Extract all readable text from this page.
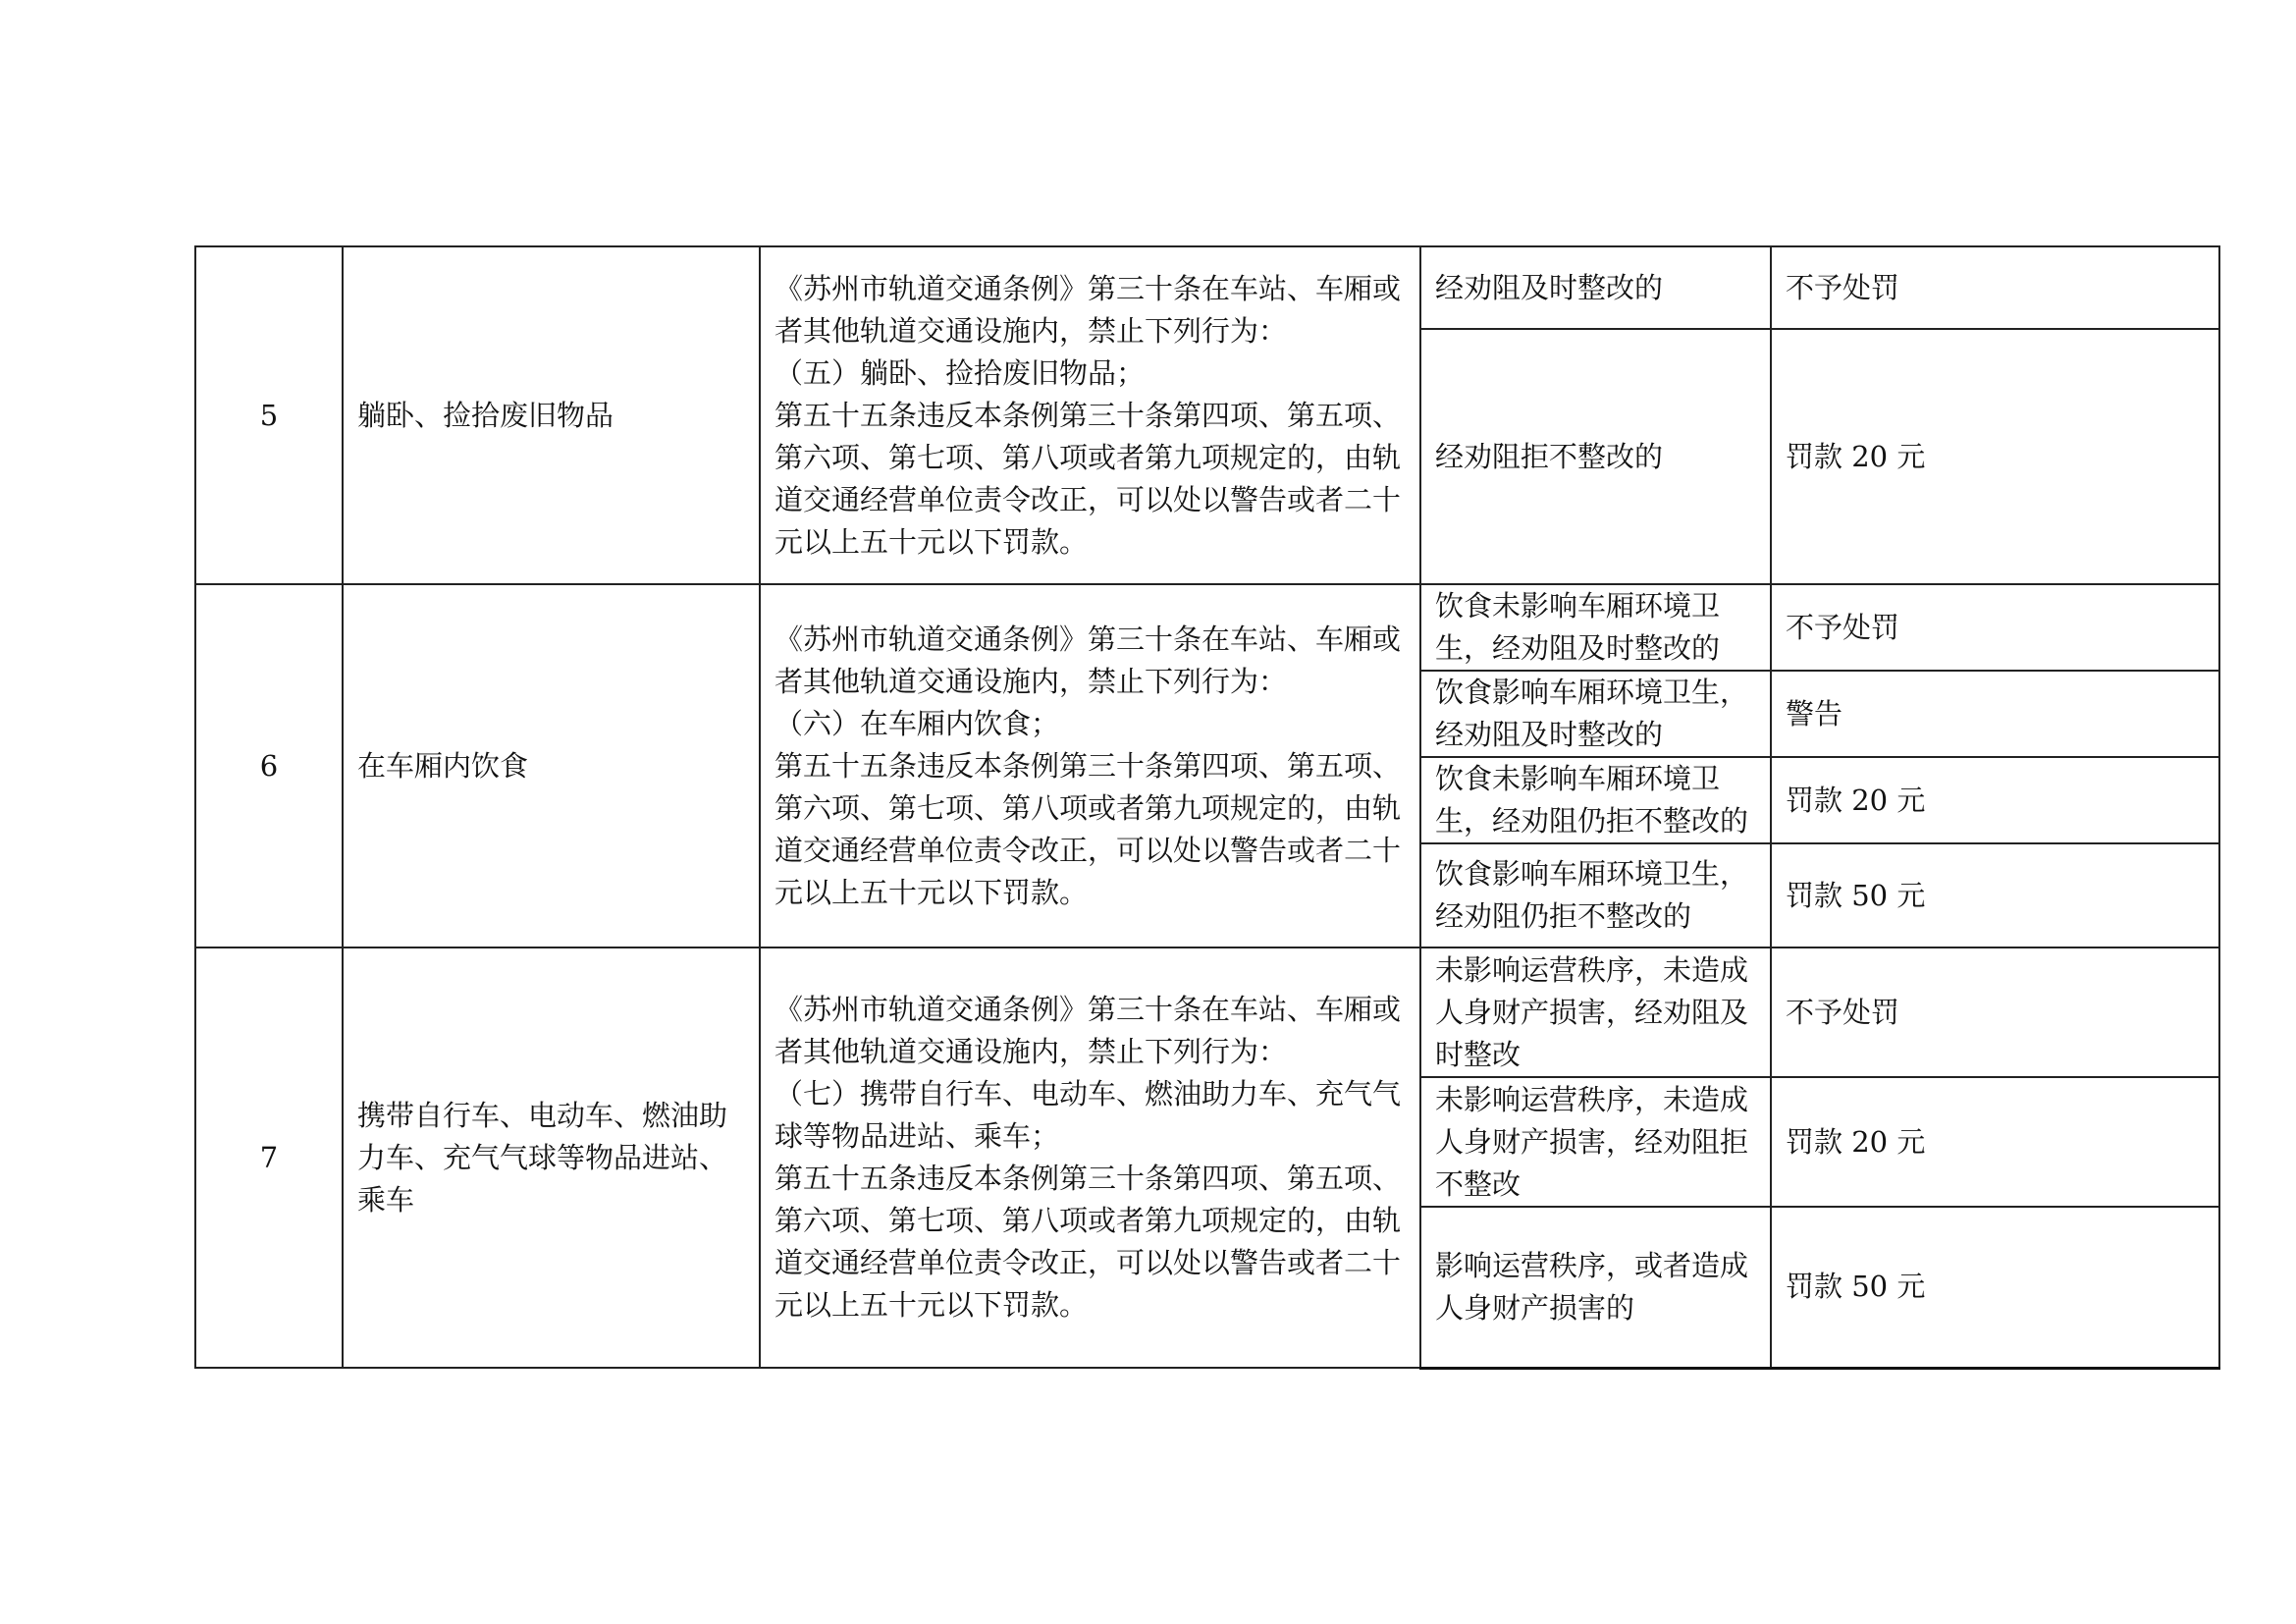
5	躺卧、捡拾废旧物品	《苏州市轨道交通条例》第三十条在车站、车厢或者其他轨道交通设施内，禁止下列行为：
（五）躺卧、捡拾废旧物品；
第五十五条违反本条例第三十条第四项、第五项、第六项、第七项、第八项或者第九项规定的，由轨道交通经营单位责令改正，可以处以警告或者二十元以上五十元以下罚款。	经劝阻及时整改的	不予处罚
			经劝阻拒不整改的	罚款 20 元
6	在车厢内饮食	《苏州市轨道交通条例》第三十条在车站、车厢或者其他轨道交通设施内，禁止下列行为：
（六）在车厢内饮食；
第五十五条违反本条例第三十条第四项、第五项、第六项、第七项、第八项或者第九项规定的，由轨道交通经营单位责令改正，可以处以警告或者二十元以上五十元以下罚款。	饮食未影响车厢环境卫生，经劝阻及时整改的	不予处罚
			饮食影响车厢环境卫生，经劝阻及时整改的	警告
			饮食未影响车厢环境卫生，经劝阻仍拒不整改的	罚款 20 元
			饮食影响车厢环境卫生，经劝阻仍拒不整改的	罚款 50 元
7	携带自行车、电动车、燃油助力车、充气气球等物品进站、乘车	《苏州市轨道交通条例》第三十条在车站、车厢或者其他轨道交通设施内，禁止下列行为：
（七）携带自行车、电动车、燃油助力车、充气气球等物品进站、乘车；
第五十五条违反本条例第三十条第四项、第五项、第六项、第七项、第八项或者第九项规定的，由轨道交通经营单位责令改正，可以处以警告或者二十元以上五十元以下罚款。	未影响运营秩序，未造成人身财产损害，经劝阻及时整改	不予处罚
			未影响运营秩序，未造成人身财产损害，经劝阻拒不整改	罚款 20 元
			影响运营秩序，或者造成人身财产损害的	罚款 50 元
